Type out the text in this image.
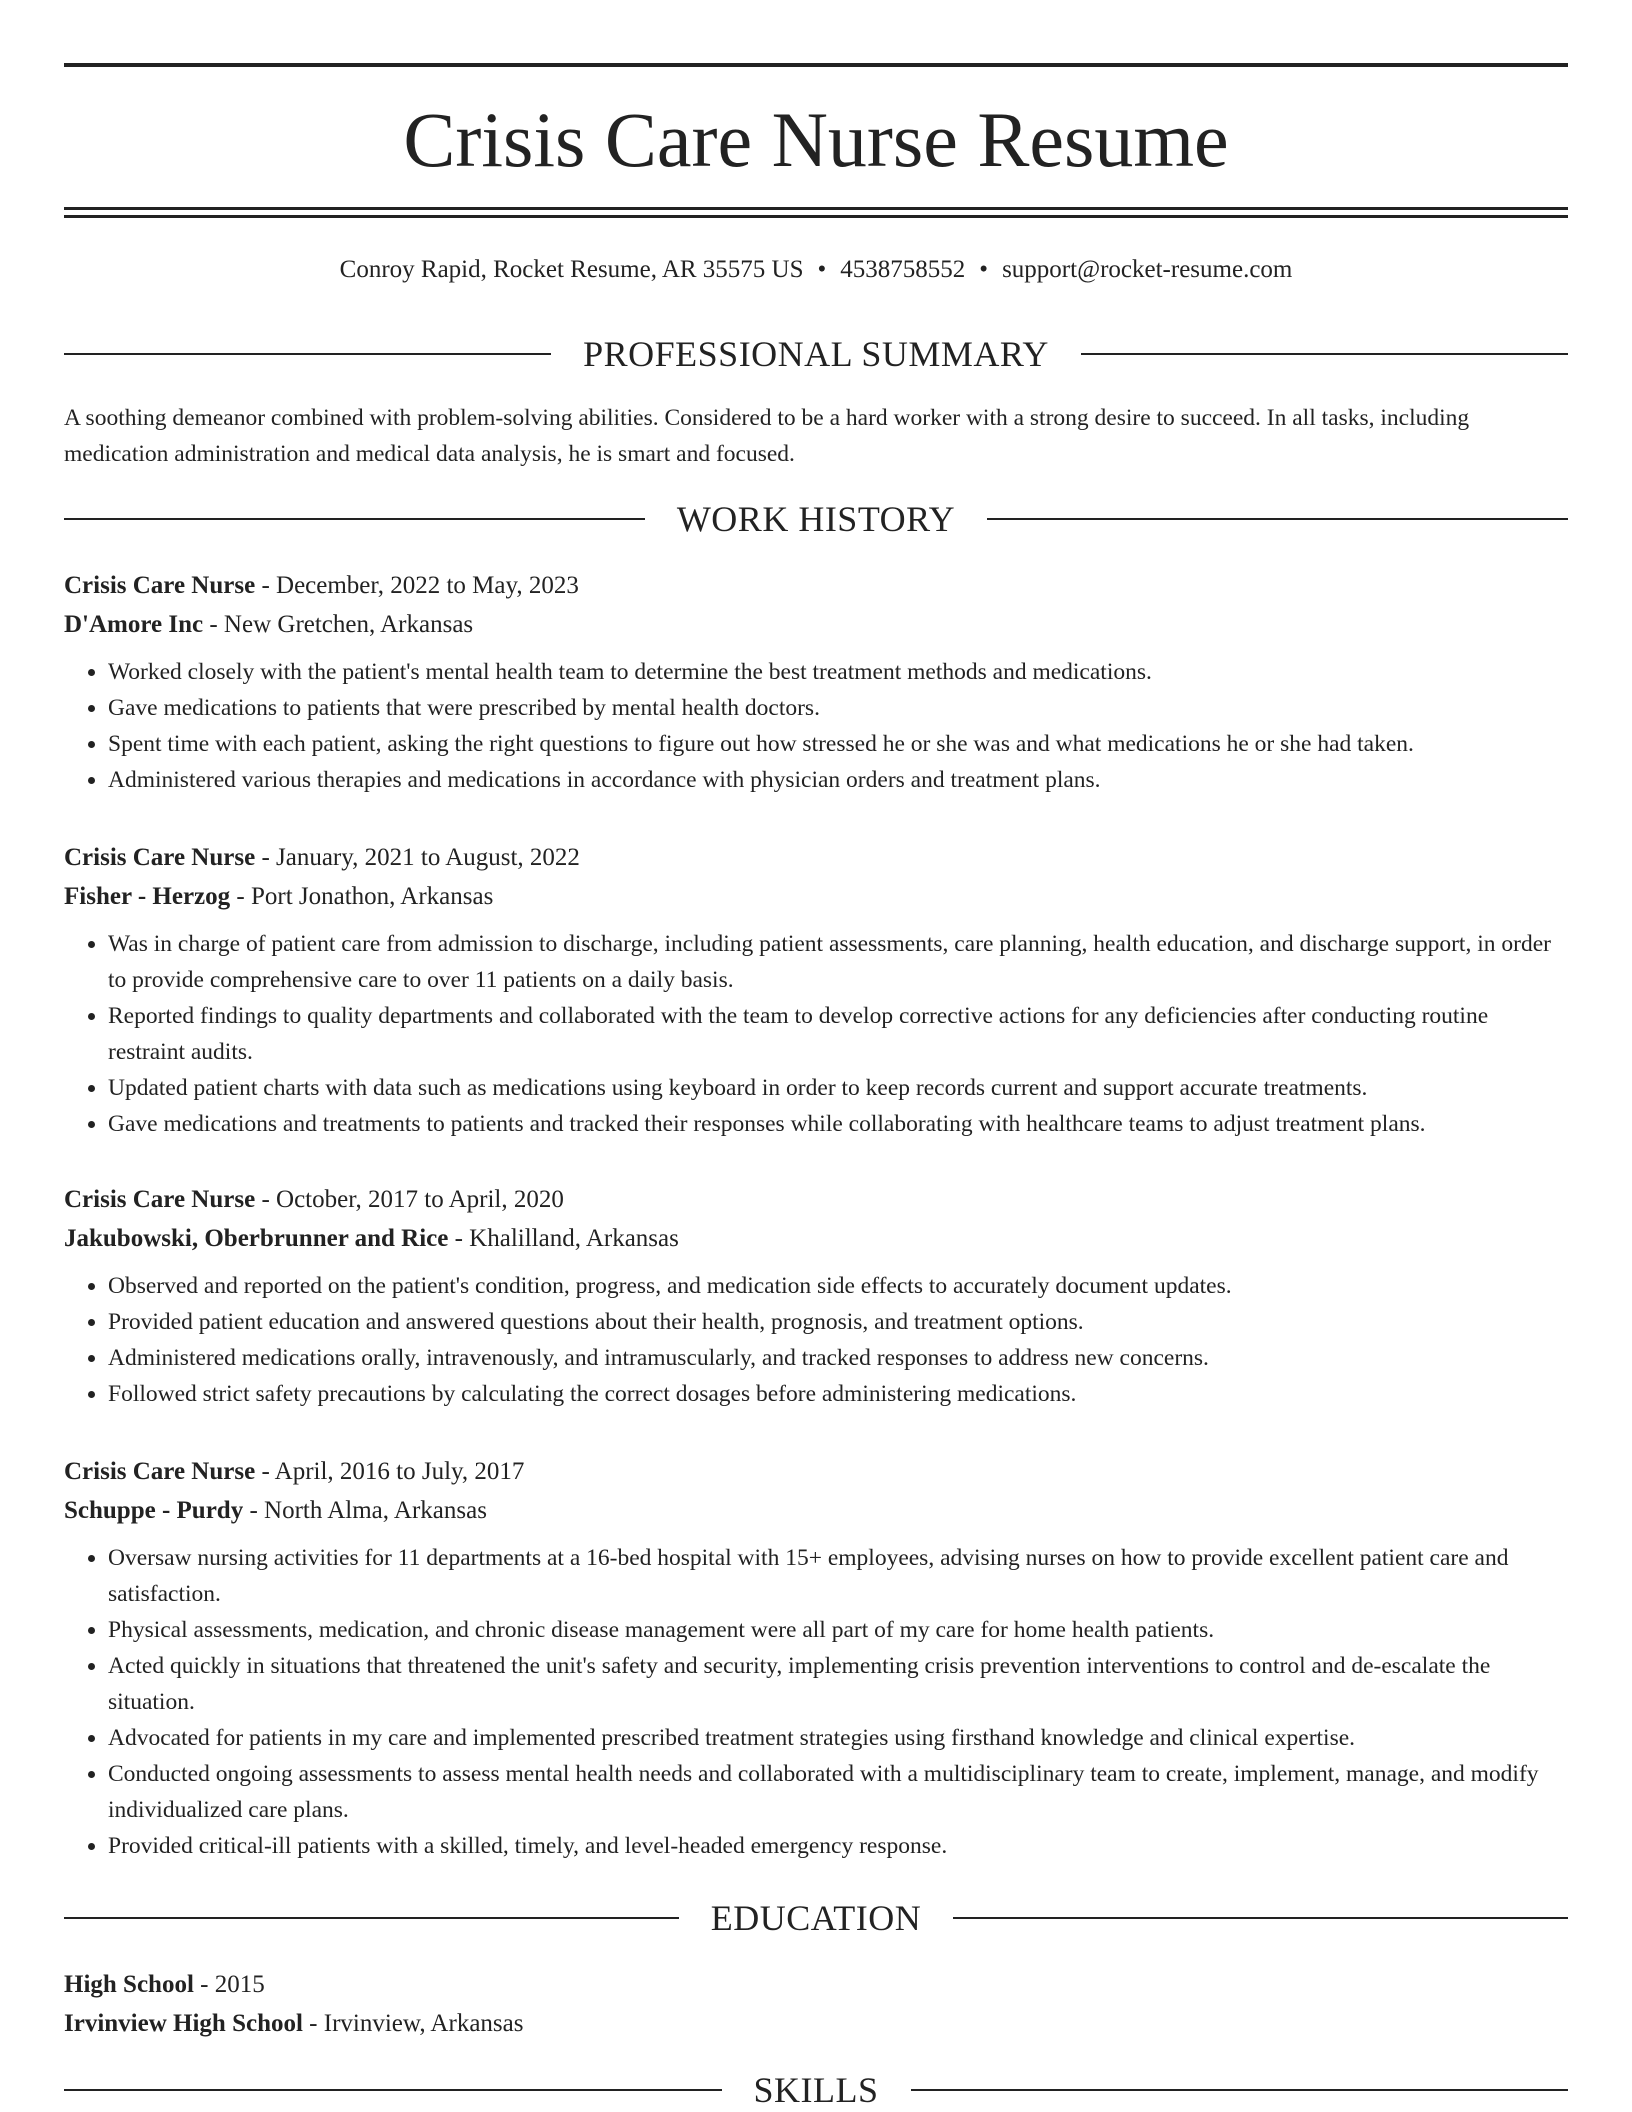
Crisis Care Nurse Resume
Conroy Rapid, Rocket Resume, AR 35575 US • 4538758552 • support@rocket-resume.com
PROFESSIONAL SUMMARY
A soothing demeanor combined with problem-solving abilities. Considered to be a hard worker with a strong desire to succeed. In all tasks, including medication administration and medical data analysis, he is smart and focused.
WORK HISTORY
Crisis Care Nurse - December, 2022 to May, 2023
D'Amore Inc - New Gretchen, Arkansas
• Worked closely with the patient's mental health team to determine the best treatment methods and medications.
• Gave medications to patients that were prescribed by mental health doctors.
• Spent time with each patient, asking the right questions to figure out how stressed he or she was and what medications he or she had taken.
• Administered various therapies and medications in accordance with physician orders and treatment plans.
Crisis Care Nurse - January, 2021 to August, 2022
Fisher - Herzog - Port Jonathon, Arkansas
• Was in charge of patient care from admission to discharge, including patient assessments, care planning, health education, and discharge support, in order to provide comprehensive care to over 11 patients on a daily basis.
• Reported findings to quality departments and collaborated with the team to develop corrective actions for any deficiencies after conducting routine restraint audits.
• Updated patient charts with data such as medications using keyboard in order to keep records current and support accurate treatments.
• Gave medications and treatments to patients and tracked their responses while collaborating with healthcare teams to adjust treatment plans.
Crisis Care Nurse - October, 2017 to April, 2020
Jakubowski, Oberbrunner and Rice - Khalilland, Arkansas
• Observed and reported on the patient's condition, progress, and medication side effects to accurately document updates.
• Provided patient education and answered questions about their health, prognosis, and treatment options.
• Administered medications orally, intravenously, and intramuscularly, and tracked responses to address new concerns.
• Followed strict safety precautions by calculating the correct dosages before administering medications.
Crisis Care Nurse - April, 2016 to July, 2017
Schuppe - Purdy - North Alma, Arkansas
• Oversaw nursing activities for 11 departments at a 16-bed hospital with 15+ employees, advising nurses on how to provide excellent patient care and satisfaction.
• Physical assessments, medication, and chronic disease management were all part of my care for home health patients.
• Acted quickly in situations that threatened the unit's safety and security, implementing crisis prevention interventions to control and de-escalate the situation.
• Advocated for patients in my care and implemented prescribed treatment strategies using firsthand knowledge and clinical expertise.
• Conducted ongoing assessments to assess mental health needs and collaborated with a multidisciplinary team to create, implement, manage, and modify individualized care plans.
• Provided critical-ill patients with a skilled, timely, and level-headed emergency response.
EDUCATION
High School - 2015
Irvinview High School - Irvinview, Arkansas
SKILLS
